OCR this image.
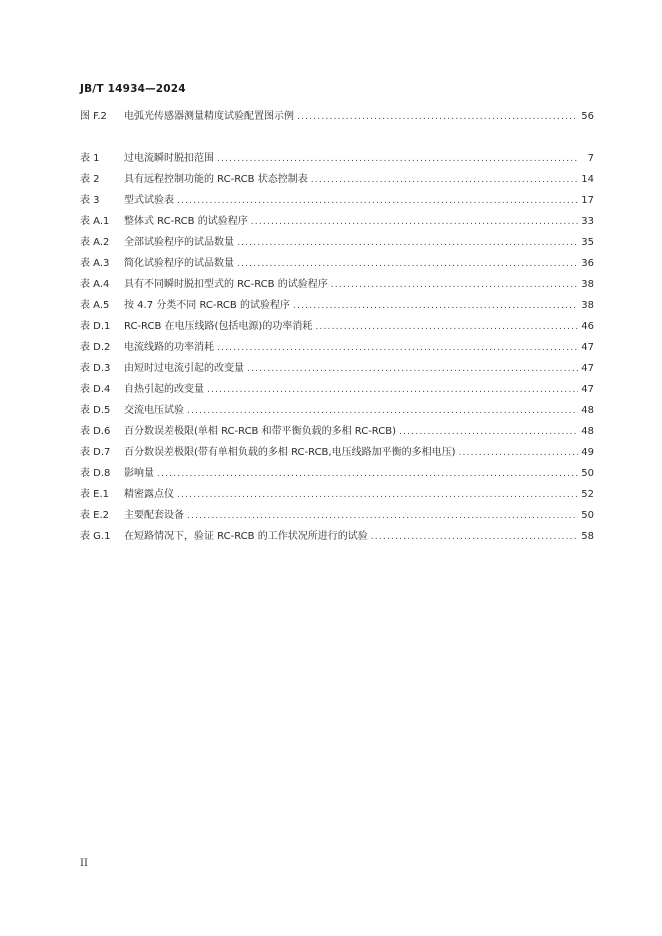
JB/T 14934—2024
图 F.2	电弧光传感器测量精度试验配置图示例 .....	56
表 1	过电流瞬时脱扣范围 .....	7
表 2	具有远程控制功能的 RC-RCB 状态控制表 .....	14
表 3	型式试验表 .....	17
表 A.1	整体式 RC-RCB 的试验程序 .....	33
表 A.2	全部试验程序的试品数量 .....	35
表 A.3	简化试验程序的试品数量 .....	36
表 A.4	具有不同瞬时脱扣型式的 RC-RCB 的试验程序 .....	38
表 A.5	按 4.7 分类不同 RC-RCB 的试验程序 .....	38
表 D.1	RC-RCB 在电压线路(包括电源)的功率消耗 .....	46
表 D.2	电流线路的功率消耗 .....	47
表 D.3	由短时过电流引起的改变量 .....	47
表 D.4	自热引起的改变量 .....	47
表 D.5	交流电压试验 .....	48
表 D.6	百分数误差极限(单相 RC-RCB 和带平衡负载的多相 RC-RCB) .....	48
表 D.7	百分数误差极限(带有单相负载的多相 RC-RCB,电压线路加平衡的多相电压) .....	49
表 D.8	影响量 .....	50
表 E.1	精密露点仪 .....	52
表 E.2	主要配套设备 .....	50
表 G.1	在短路情况下，验证 RC-RCB 的工作状况所进行的试验 .....	58
II
